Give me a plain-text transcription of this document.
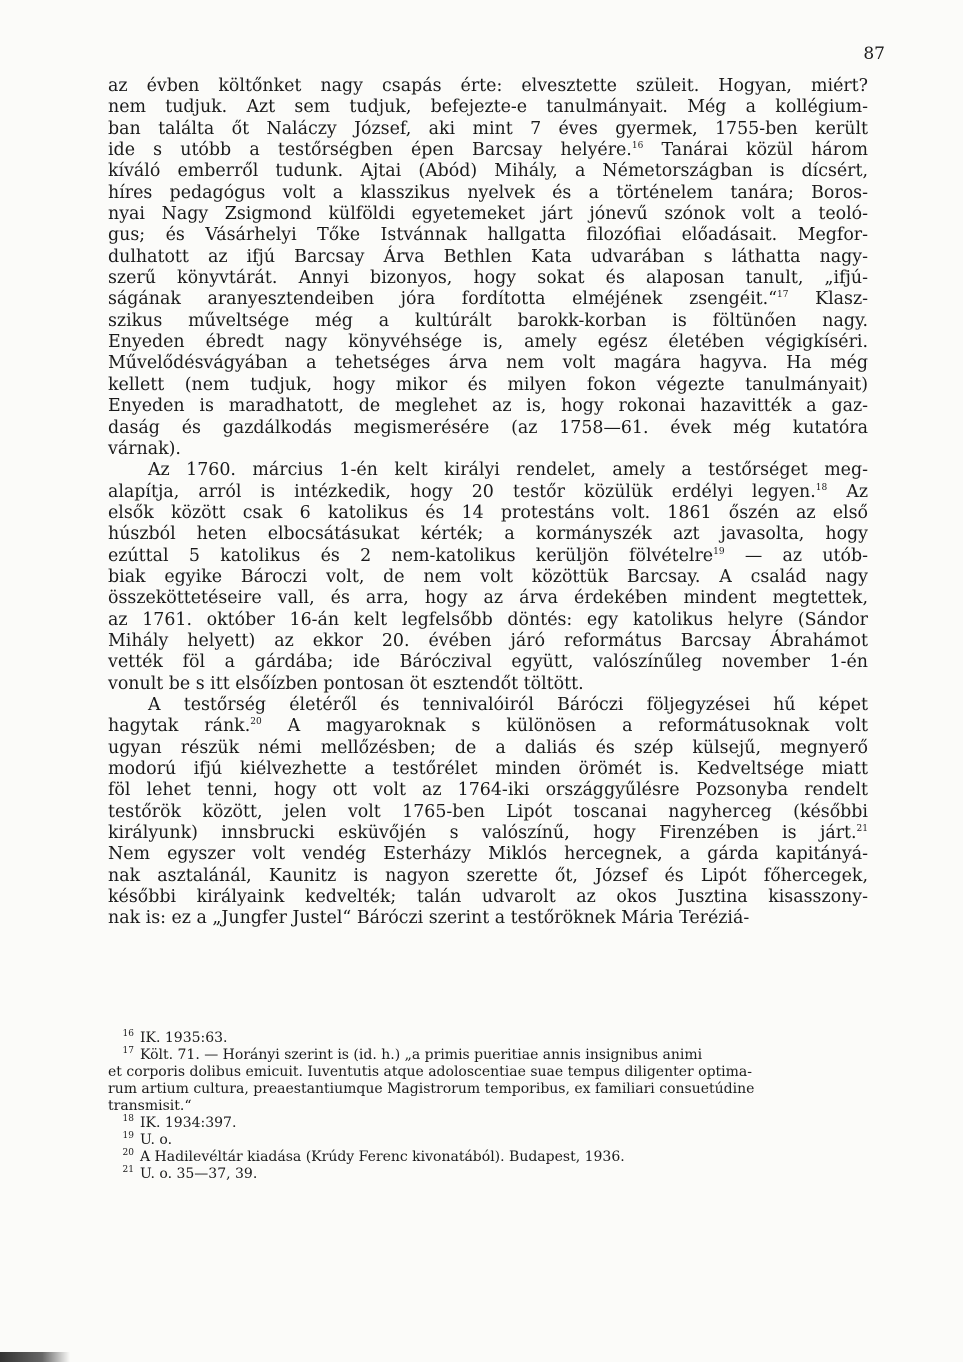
87

az évben költőnket nagy csapás érte: elvesztette szüleit. Hogyan, miért?
nem tudjuk. Azt sem tudjuk, befejezte-e tanulmányait. Még a kollégium-
ban találta őt Naláczy József, aki mint 7 éves gyermek, 1755-ben került
ide s utóbb a testőrségben épen Barcsay helyére.$^{16}$ Tanárai közül három
kíváló emberről tudunk. Ajtai (Abód) Mihály, a Németországban is dícsért,
híres pedagógus volt a klasszikus nyelvek és a történelem tanára; Boros-
nyai Nagy Zsigmond külföldi egyetemeket járt jónevű szónok volt a teoló-
gus; és Vásárhelyi Tőke Istvánnak hallgatta filozófiai előadásait. Megfor-
dulhatott az ifjú Barcsay Árva Bethlen Kata udvarában s láthatta nagy-
szerű könyvtárát. Annyi bizonyos, hogy sokat és alaposan tanult, „ifjú-
ságának aranyesztendeiben jóra fordította elméjének zsengéit.“$^{17}$ Klasz-
szikus műveltsége még a kultúrált barokk-korban is föltünően nagy.
Enyeden ébredt nagy könyvéhsége is, amely egész életében végigkíséri.
Művelődésvágyában a tehetséges árva nem volt magára hagyva. Ha még
kellett (nem tudjuk, hogy mikor és milyen fokon végezte tanulmányait)
Enyeden is maradhatott, de meglehet az is, hogy rokonai hazavitték a gaz-
daság és gazdálkodás megismerésére (az 1758—61. évek még kutatóra
várnak).

Az 1760. március 1-én kelt királyi rendelet, amely a testőrséget meg-
alapítja, arról is intézkedik, hogy 20 testőr közülük erdélyi legyen.$^{18}$ Az
elsők között csak 6 katolikus és 14 protestáns volt. 1861 őszén az első
húszból heten elbocsátásukat kérték; a kormányszék azt javasolta, hogy
ezúttal 5 katolikus és 2 nem-katolikus kerüljön fölvételre$^{19}$ — az utób-
biak egyike Bároczi volt, de nem volt közöttük Barcsay. A család nagy
összeköttetéseire vall, és arra, hogy az árva érdekében mindent megtettek,
az 1761. október 16-án kelt legfelsőbb döntés: egy katolikus helyre (Sándor
Mihály helyett) az ekkor 20. évében járó református Barcsay Ábrahámot
vették föl a gárdába; ide Báróczival együtt, valószínűleg november 1-én
vonult be s itt elsőízben pontosan öt esztendőt töltött.

A testőrség életéről és tennivalóiról Báróczi följegyzései hű képet
hagytak ránk.$^{20}$ A magyaroknak s különösen a reformátusoknak volt
ugyan részük némi mellőzésben; de a daliás és szép külsejű, megnyerő
modorú ifjú kiélvezhette a testőrélet minden örömét is. Kedveltsége miatt
föl lehet tenni, hogy ott volt az 1764-iki országgyűlésre Pozsonyba rendelt
testőrök között, jelen volt 1765-ben Lipót toscanai nagyherceg (későbbi
királyunk) innsbrucki esküvőjén s valószínű, hogy Firenzében is járt.$^{21}$
Nem egyszer volt vendég Esterházy Miklós hercegnek, a gárda kapitányá-
nak asztalánál, Kaunitz is nagyon szerette őt, József és Lipót főhercegek,
későbbi királyaink kedvelték; talán udvarolt az okos Jusztina kisasszony-
nak is: ez a „Jungfer Justel“ Báróczi szerint a testőröknek Mária Teréziá-

16 IK. 1935:63.
17 Költ. 71. — Horányi szerint is (id. h.) „a primis pueritiae annis insignibus animi
et corporis dolibus emicuit. Iuventutis atque adoloscentiae suae tempus diligenter optima-
rum artium cultura, preaestantiumque Magistrorum temporibus, ex familiari consuetúdine
transmisit.“
18 IK. 1934:397.
19 U. o.
20 A Hadilevéltár kiadása (Krúdy Ferenc kivonatából). Budapest, 1936.
21 U. o. 35—37, 39.
